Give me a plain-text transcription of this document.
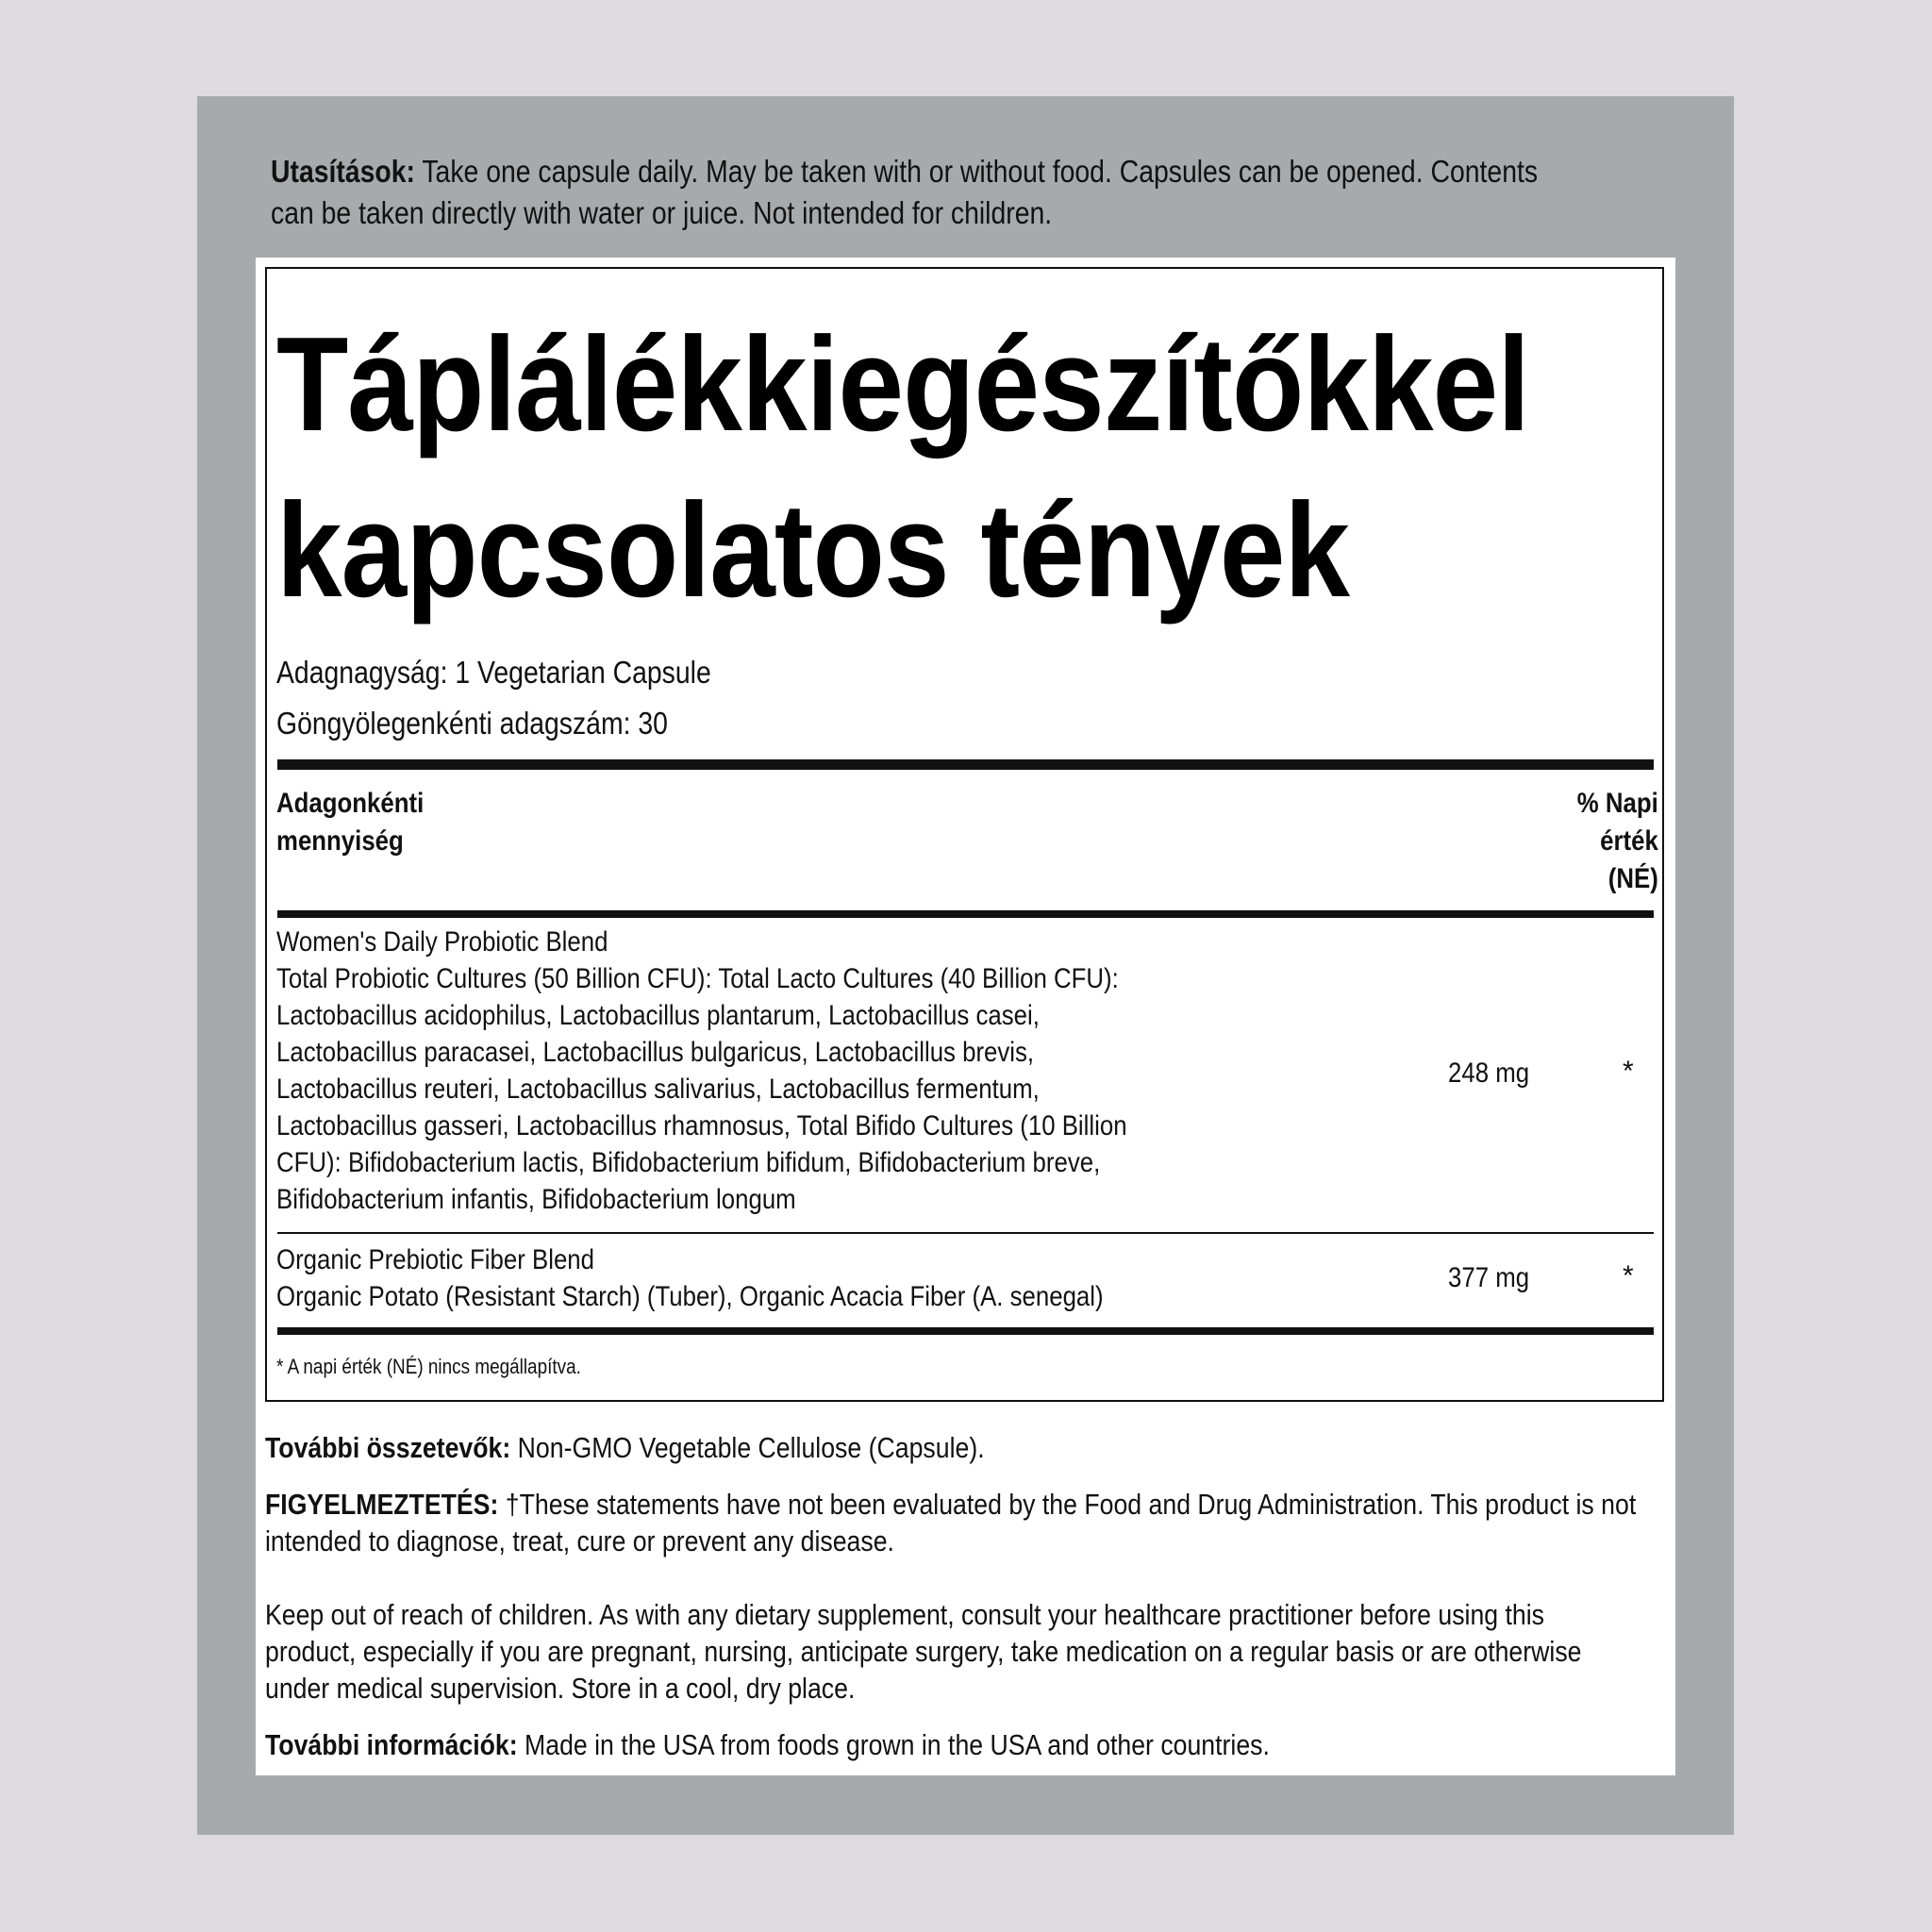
Utasítások: Take one capsule daily. May be taken with or without food. Capsules can be opened. Contents
can be taken directly with water or juice. Not intended for children.
Táplálékkiegészítőkkel
kapcsolatos tények
Adagnagyság: 1 Vegetarian Capsule
Göngyölegenkénti adagszám: 30
Adagonkénti
mennyiség
% Napi
érték
(NÉ)
Women's Daily Probiotic Blend
Total Probiotic Cultures (50 Billion CFU): Total Lacto Cultures (40 Billion CFU):
Lactobacillus acidophilus, Lactobacillus plantarum, Lactobacillus casei,
Lactobacillus paracasei, Lactobacillus bulgaricus, Lactobacillus brevis,
Lactobacillus reuteri, Lactobacillus salivarius, Lactobacillus fermentum,
Lactobacillus gasseri, Lactobacillus rhamnosus, Total Bifido Cultures (10 Billion
CFU): Bifidobacterium lactis, Bifidobacterium bifidum, Bifidobacterium breve,
Bifidobacterium infantis, Bifidobacterium longum
248 mg	*
Organic Prebiotic Fiber Blend
Organic Potato (Resistant Starch) (Tuber), Organic Acacia Fiber (A. senegal)
377 mg	*
* A napi érték (NÉ) nincs megállapítva.
További összetevők: Non-GMO Vegetable Cellulose (Capsule).
FIGYELMEZTETÉS: †These statements have not been evaluated by the Food and Drug Administration. This product is not
intended to diagnose, treat, cure or prevent any disease.
Keep out of reach of children. As with any dietary supplement, consult your healthcare practitioner before using this
product, especially if you are pregnant, nursing, anticipate surgery, take medication on a regular basis or are otherwise
under medical supervision. Store in a cool, dry place.
További információk: Made in the USA from foods grown in the USA and other countries.
